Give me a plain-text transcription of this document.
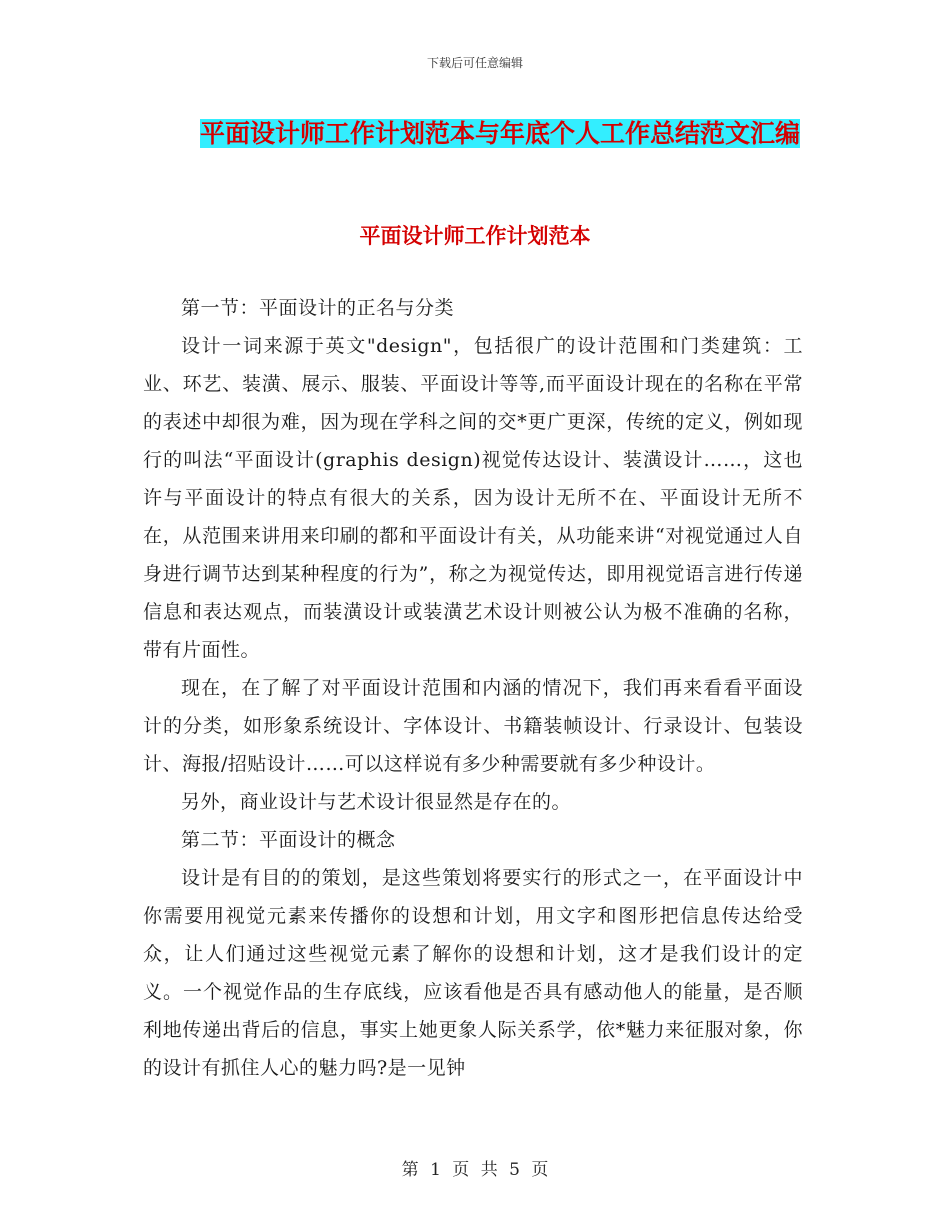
下载后可任意编辑
平面设计师工作计划范本与年底个人工作总结范文汇编
平面设计师工作计划范本

第一节：平面设计的正名与分类

设计一词来源于英文"design"，包括很广的设计范围和门类建筑：工业、环艺、装潢、展示、服装、平面设计等等,而平面设计现在的名称在平常的表述中却很为难，因为现在学科之间的交*更广更深，传统的定义，例如现行的叫法“平面设计(graphis design)视觉传达设计、装潢设计……，这也许与平面设计的特点有很大的关系，因为设计无所不在、平面设计无所不在，从范围来讲用来印刷的都和平面设计有关，从功能来讲“对视觉通过人自身进行调节达到某种程度的行为”，称之为视觉传达，即用视觉语言进行传递信息和表达观点，而装潢设计或装潢艺术设计则被公认为极不准确的名称，带有片面性。

现在，在了解了对平面设计范围和内涵的情况下，我们再来看看平面设计的分类，如形象系统设计、字体设计、书籍装帧设计、行录设计、包装设计、海报/招贴设计……可以这样说有多少种需要就有多少种设计。

另外，商业设计与艺术设计很显然是存在的。

第二节：平面设计的概念

设计是有目的的策划，是这些策划将要实行的形式之一，在平面设计中你需要用视觉元素来传播你的设想和计划，用文字和图形把信息传达给受众，让人们通过这些视觉元素了解你的设想和计划，这才是我们设计的定义。一个视觉作品的生存底线，应该看他是否具有感动他人的能量，是否顺利地传递出背后的信息，事实上她更象人际关系学，依*魅力来征服对象，你的设计有抓住人心的魅力吗?是一见钟

第 1 页 共 5 页
